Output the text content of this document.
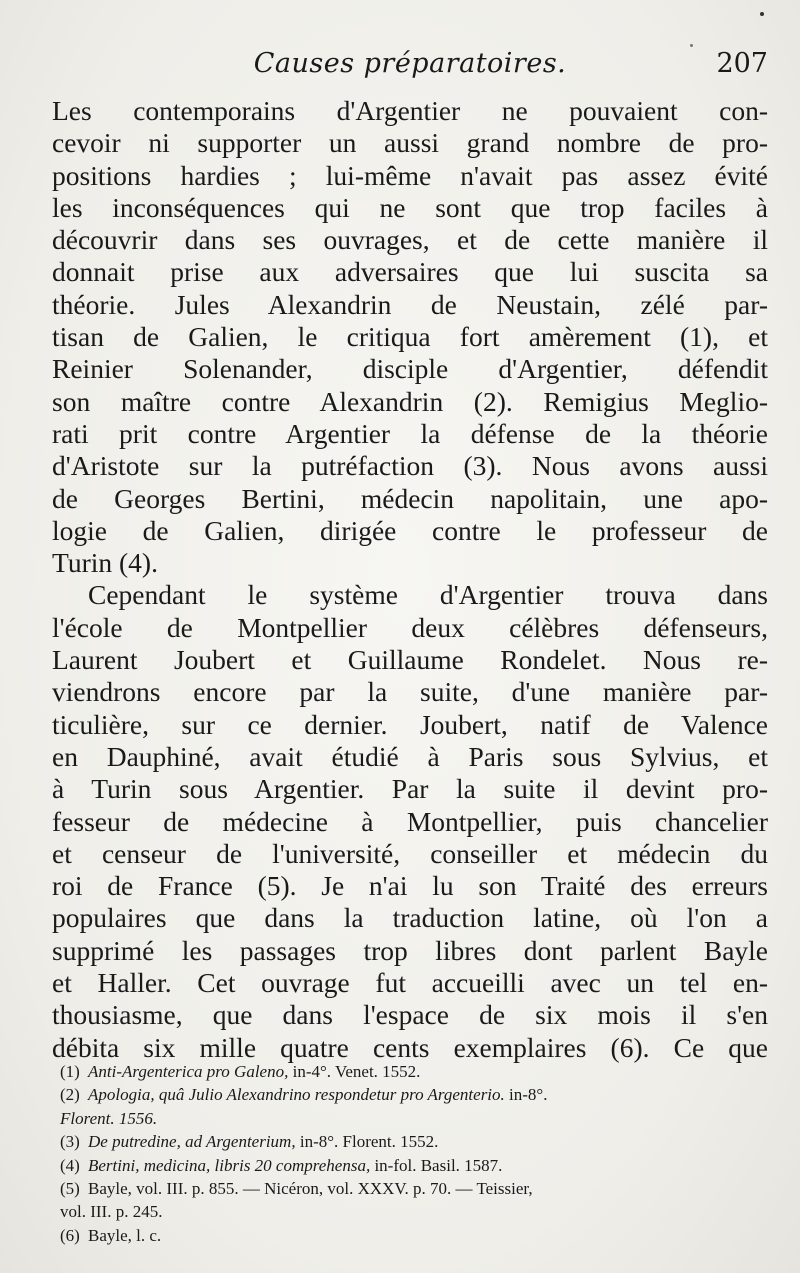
Causes préparatoires.	207

Les contemporains d'Argentier ne pouvaient con-
cevoir ni supporter un aussi grand nombre de pro-
positions hardies ; lui-même n'avait pas assez évité
les inconséquences qui ne sont que trop faciles à
découvrir dans ses ouvrages, et de cette manière il
donnait prise aux adversaires que lui suscita sa
théorie. Jules Alexandrin de Neustain, zélé par-
tisan de Galien, le critiqua fort amèrement (1), et
Reinier Solenander, disciple d'Argentier, défendit
son maître contre Alexandrin (2). Remigius Meglio-
rati prit contre Argentier la défense de la théorie
d'Aristote sur la putréfaction (3). Nous avons aussi
de Georges Bertini, médecin napolitain, une apo-
logie de Galien, dirigée contre le professeur de
Turin (4).

Cependant le système d'Argentier trouva dans
l'école de Montpellier deux célèbres défenseurs,
Laurent Joubert et Guillaume Rondelet. Nous re-
viendrons encore par la suite, d'une manière par-
ticulière, sur ce dernier. Joubert, natif de Valence
en Dauphiné, avait étudié à Paris sous Sylvius, et
à Turin sous Argentier. Par la suite il devint pro-
fesseur de médecine à Montpellier, puis chancelier
et censeur de l'université, conseiller et médecin du
roi de France (5). Je n'ai lu son Traité des erreurs
populaires que dans la traduction latine, où l'on a
supprimé les passages trop libres dont parlent Bayle
et Haller. Cet ouvrage fut accueilli avec un tel en-
thousiasme, que dans l'espace de six mois il s'en
débita six mille quatre cents exemplaires (6). Ce que

(1) Anti-Argenterica pro Galeno, in-4°. Venet. 1552.
(2) Apologia, quâ Julio Alexandrino respondetur pro Argenterio. in-8°.
Florent. 1556.
(3) De putredine, ad Argenterium, in-8°. Florent. 1552.
(4) Bertini, medicina, libris 20 comprehensa, in-fol. Basil. 1587.
(5) Bayle, vol. III. p. 855. — Nicéron, vol. XXXV. p. 70. — Teissier,
vol. III. p. 245.
(6) Bayle, l. c.
